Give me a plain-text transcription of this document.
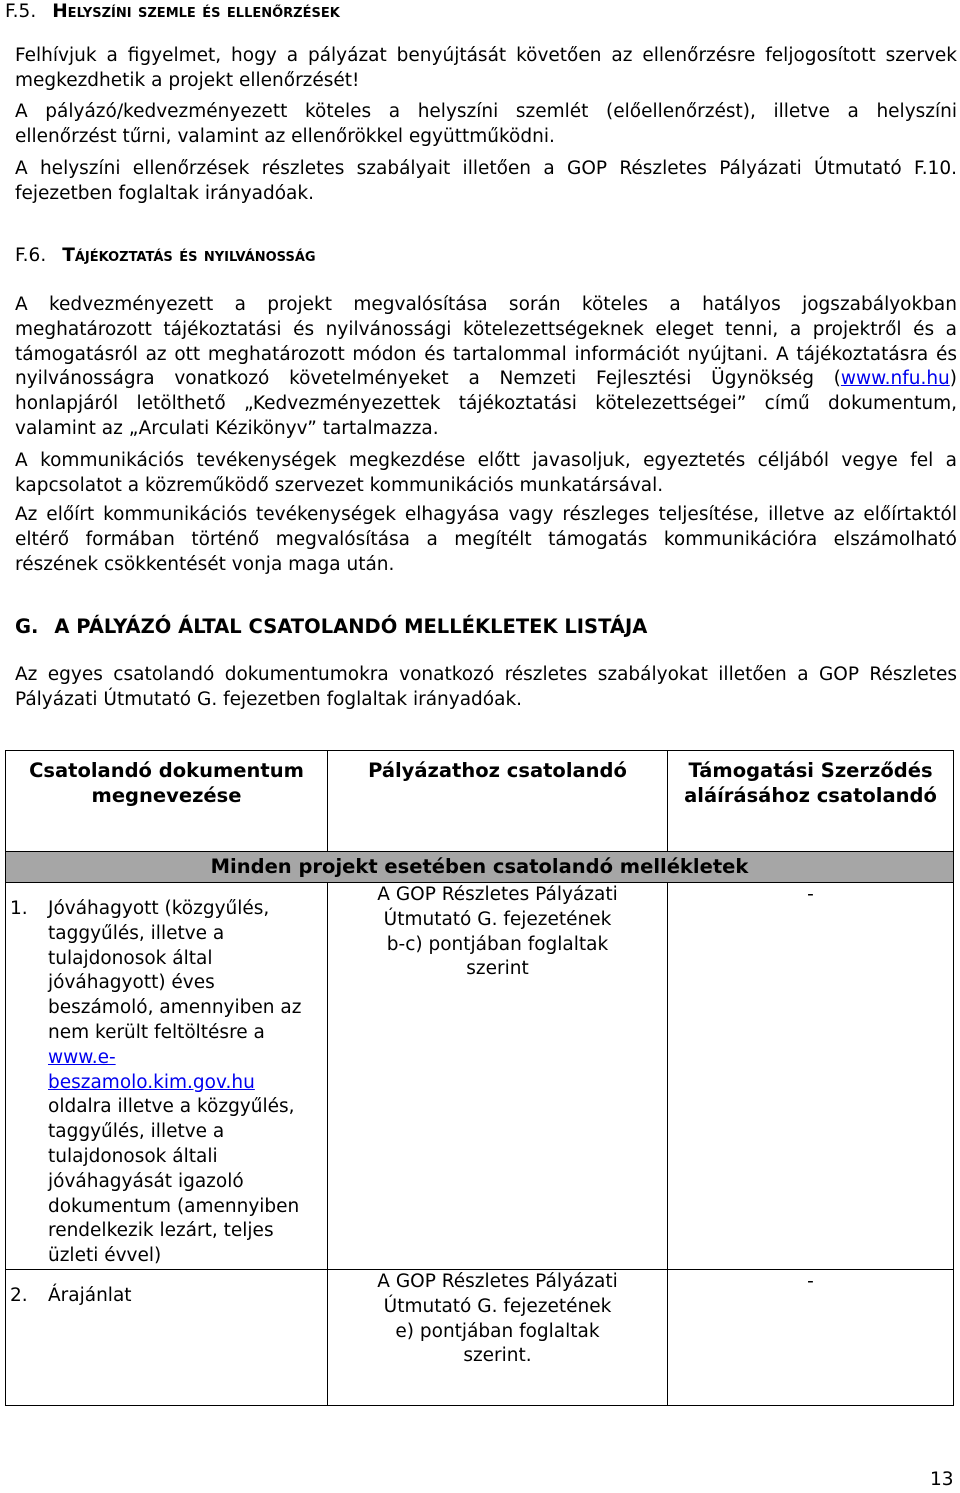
F.5. Helyszíni szemle és ellenőrzések

Felhívjuk a figyelmet, hogy a pályázat benyújtását követően az ellenőrzésre feljogosított szervek megkezdhetik a projekt ellenőrzését!

A pályázó/kedvezményezett köteles a helyszíni szemlét (előellenőrzést), illetve a helyszíni ellenőrzést tűrni, valamint az ellenőrökkel együttműködni.

A helyszíni ellenőrzések részletes szabályait illetően a GOP Részletes Pályázati Útmutató F.10. fejezetben foglaltak irányadóak.

F.6. Tájékoztatás és nyilvánosság

A kedvezményezett a projekt megvalósítása során köteles a hatályos jogszabályokban meghatározott tájékoztatási és nyilvánossági kötelezettségeknek eleget tenni, a projektről és a támogatásról az ott meghatározott módon és tartalommal információt nyújtani. A tájékoztatásra és nyilvánosságra vonatkozó követelményeket a Nemzeti Fejlesztési Ügynökség (www.nfu.hu) honlapjáról letölthető „Kedvezményezettek tájékoztatási kötelezettségei” című dokumentum, valamint az „Arculati Kézikönyv” tartalmazza.

A kommunikációs tevékenységek megkezdése előtt javasoljuk, egyeztetés céljából vegye fel a kapcsolatot a közreműködő szervezet kommunikációs munkatársával.

Az előírt kommunikációs tevékenységek elhagyása vagy részleges teljesítése, illetve az előírtaktól eltérő formában történő megvalósítása a megítélt támogatás kommunikációra elszámolható részének csökkentését vonja maga után.

G. A PÁLYÁZÓ ÁLTAL CSATOLANDÓ MELLÉKLETEK LISTÁJA

Az egyes csatolandó dokumentumokra vonatkozó részletes szabályokat illetően a GOP Részletes Pályázati Útmutató G. fejezetben foglaltak irányadóak.

Csatolandó dokumentum megnevezése	Pályázathoz csatolandó	Támogatási Szerződés aláírásához csatolandó
Minden projekt esetében csatolandó mellékletek		

1. Jóváhagyott (közgyűlés, taggyűlés, illetve a tulajdonosok által jóváhagyott) éves beszámoló, amennyiben az nem került feltöltésre a www.e-beszamolo.kim.gov.hu oldalra illetve a közgyűlés, taggyűlés, illetve a tulajdonosok általi jóváhagyását igazoló dokumentum (amennyiben rendelkezik lezárt, teljes üzleti évvel)	A GOP Részletes Pályázati Útmutató G. fejezetének b-c) pontjában foglaltak szerint	-

2. Árajánlat	A GOP Részletes Pályázati Útmutató G. fejezetének e) pontjában foglaltak szerint.	-
13
